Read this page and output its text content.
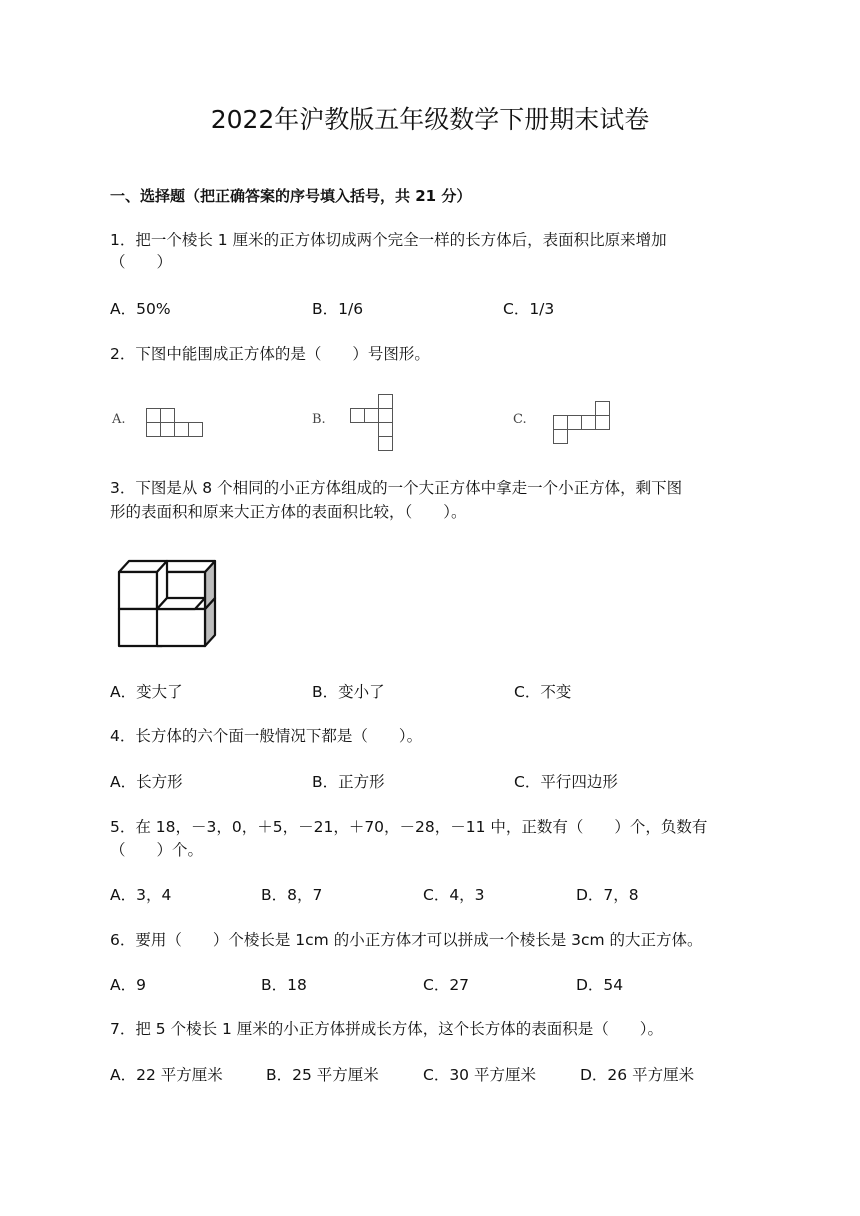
2022年沪教版五年级数学下册期末试卷
一、选择题（把正确答案的序号填入括号，共 21 分）
1．把一个棱长 1 厘米的正方体切成两个完全一样的长方体后，表面积比原来增加
（　　）
A．50%	B．1/6	C．1/3
2．下图中能围成正方体的是（　　）号图形。
A.	B.	C.
3．下图是从 8 个相同的小正方体组成的一个大正方体中拿走一个小正方体，剩下图
形的表面积和原来大正方体的表面积比较，（　　）。
A．变大了	B．变小了	C．不变
4．长方体的六个面一般情况下都是（　　）。
A．长方形	B．正方形	C．平行四边形
5．在 18，－3，0，＋5，－21，＋70，－28，－11 中，正数有（　　）个，负数有
（　　）个。
A．3，4	B．8，7	C．4，3	D．7，8
6．要用（　　）个棱长是 1cm 的小正方体才可以拼成一个棱长是 3cm 的大正方体。
A．9	B．18	C．27	D．54
7．把 5 个棱长 1 厘米的小正方体拼成长方体，这个长方体的表面积是（　　）。
A．22 平方厘米	B．25 平方厘米	C．30 平方厘米	D．26 平方厘米
